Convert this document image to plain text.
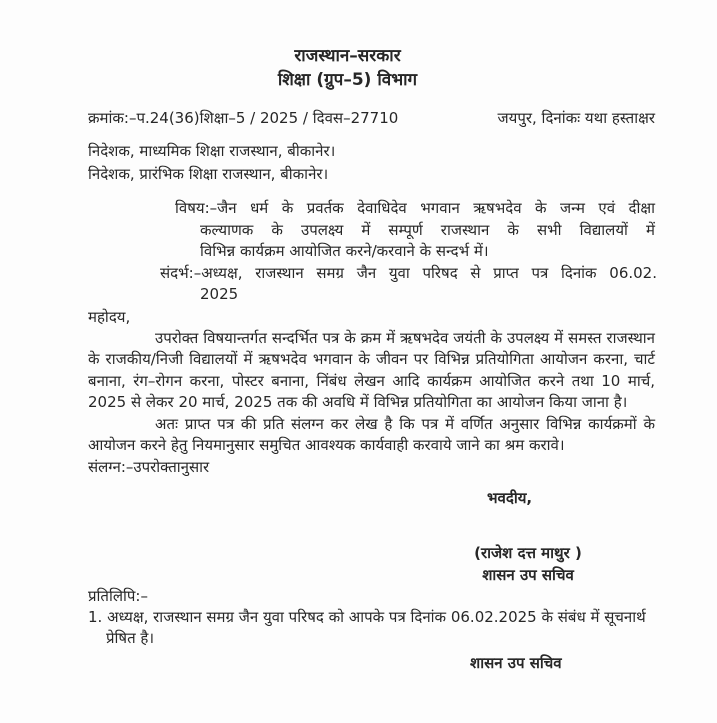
राजस्थान–सरकार
शिक्षा (ग्रुप–5) विभाग
क्रमांक:–प.24(36)शिक्षा–5 / 2025 / दिवस–27710	जयपुर, दिनांकः यथा हस्ताक्षर
निदेशक, माध्यमिक शिक्षा राजस्थान, बीकानेर।
निदेशक, प्रारंभिक शिक्षा राजस्थान, बीकानेर।
विषय:–जैन धर्म के प्रवर्तक देवाधिदेव भगवान ऋषभदेव के जन्म एवं दीक्षा
कल्याणक के उपलक्ष्य में सम्पूर्ण राजस्थान के सभी विद्यालयों में
विभिन्न कार्यक्रम आयोजित करने/करवाने के सन्दर्भ में।
संदर्भ:–अध्यक्ष, राजस्थान समग्र जैन युवा परिषद से प्राप्त पत्र दिनांक 06.02.
2025
महोदय,
उपरोक्त विषयान्तर्गत सन्दर्भित पत्र के क्रम में ऋषभदेव जयंती के उपलक्ष्य में समस्त राजस्थान के राजकीय/निजी विद्यालयों में ऋषभदेव भगवान के जीवन पर विभिन्न प्रतियोगिता आयोजन करना, चार्ट बनाना, रंग–रोगन करना, पोस्टर बनाना, निंबंध लेखन आदि कार्यक्रम आयोजित करने तथा 10 मार्च, 2025 से लेकर 20 मार्च, 2025 तक की अवधि में विभिन्न प्रतियोगिता का आयोजन किया जाना है।
अतः प्राप्त पत्र की प्रति संलग्न कर लेख है कि पत्र में वर्णित अनुसार विभिन्न कार्यक्रमों के आयोजन करने हेतु नियमानुसार समुचित आवश्यक कार्यवाही करवाये जाने का श्रम करावे।
संलग्न:–उपरोक्तानुसार
भवदीय,
(राजेश दत्त माथुर )
शासन उप सचिव
प्रतिलिपि:–
1. अध्यक्ष, राजस्थान समग्र जैन युवा परिषद को आपके पत्र दिनांक 06.02.2025 के संबंध में सूचनार्थ प्रेषित है।
शासन उप सचिव
